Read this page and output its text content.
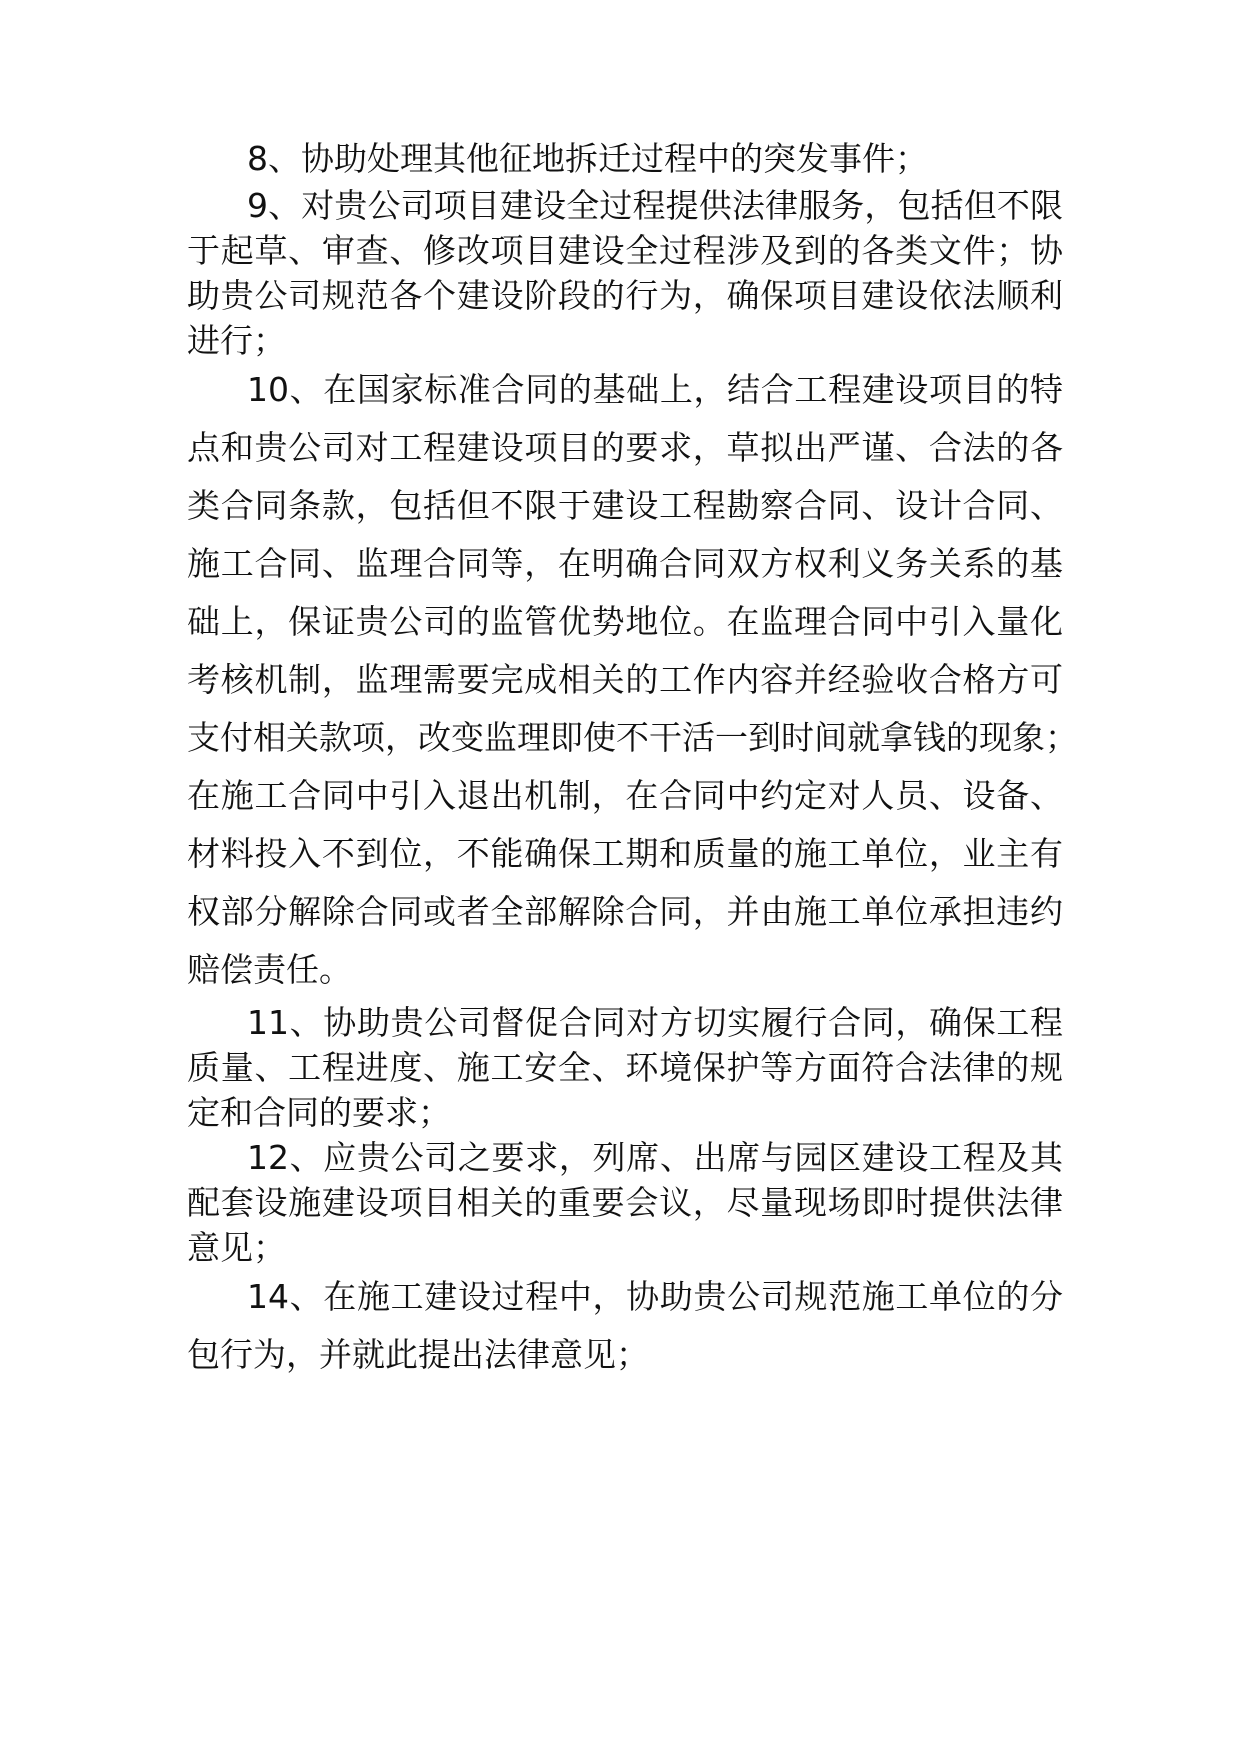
8、协助处理其他征地拆迁过程中的突发事件；
9、对贵公司项目建设全过程提供法律服务，包括但不限
于起草、审查、修改项目建设全过程涉及到的各类文件；协
助贵公司规范各个建设阶段的行为，确保项目建设依法顺利
进行；
10、在国家标准合同的基础上，结合工程建设项目的特
点和贵公司对工程建设项目的要求，草拟出严谨、合法的各
类合同条款，包括但不限于建设工程勘察合同、设计合同、
施工合同、监理合同等，在明确合同双方权利义务关系的基
础上，保证贵公司的监管优势地位。在监理合同中引入量化
考核机制，监理需要完成相关的工作内容并经验收合格方可
支付相关款项，改变监理即使不干活一到时间就拿钱的现象；
在施工合同中引入退出机制，在合同中约定对人员、设备、
材料投入不到位，不能确保工期和质量的施工单位，业主有
权部分解除合同或者全部解除合同，并由施工单位承担违约
赔偿责任。
11、协助贵公司督促合同对方切实履行合同，确保工程
质量、工程进度、施工安全、环境保护等方面符合法律的规
定和合同的要求；
12、应贵公司之要求，列席、出席与园区建设工程及其
配套设施建设项目相关的重要会议，尽量现场即时提供法律
意见；
14、在施工建设过程中，协助贵公司规范施工单位的分
包行为，并就此提出法律意见；
